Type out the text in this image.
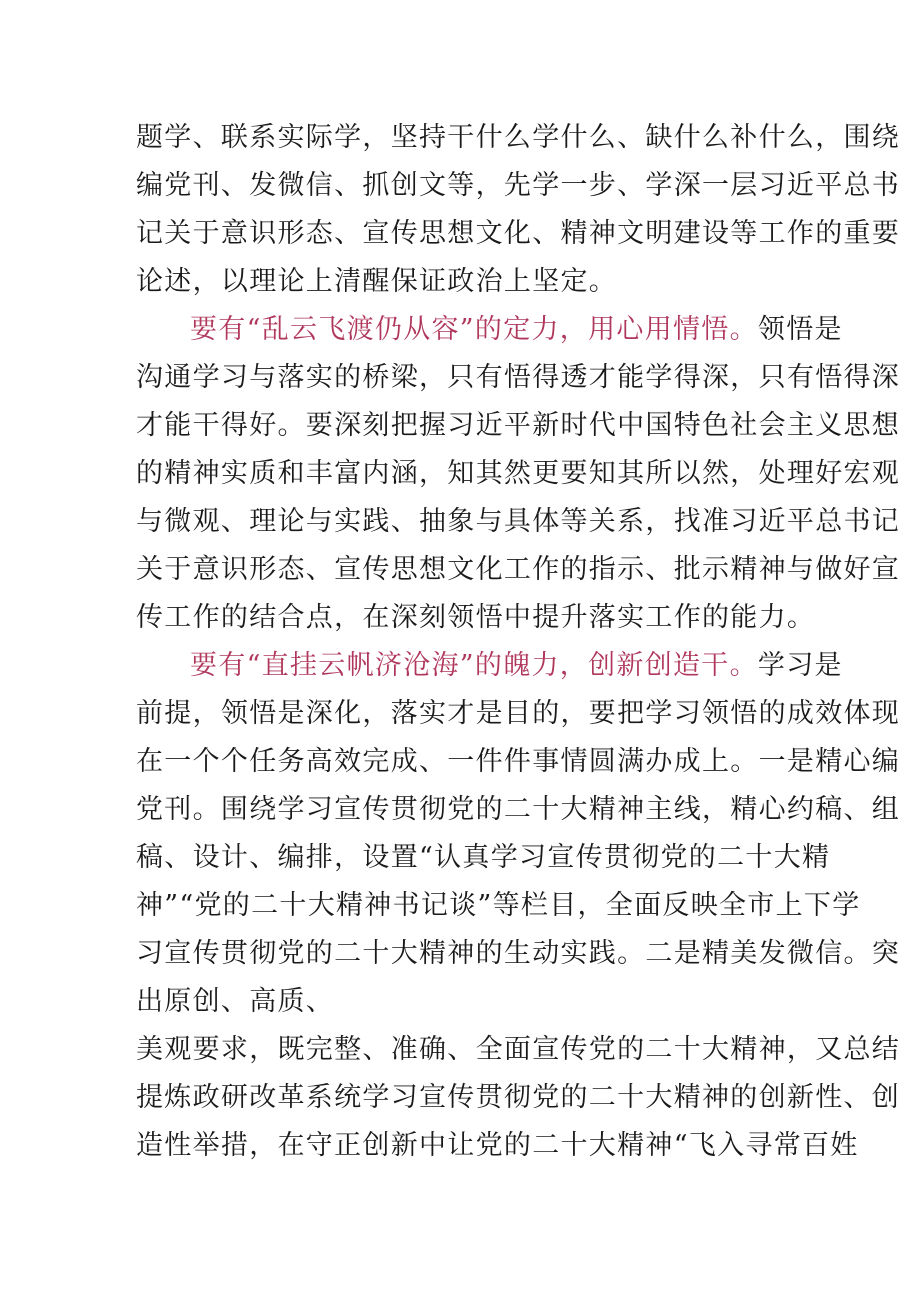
题学、联系实际学，坚持干什么学什么、缺什么补什么，围绕
编党刊、发微信、抓创文等，先学一步、学深一层习近平总书
记关于意识形态、宣传思想文化、精神文明建设等工作的重要
论述，以理论上清醒保证政治上坚定。
要有“乱云飞渡仍从容”的定力，用心用情悟。领悟是
沟通学习与落实的桥梁，只有悟得透才能学得深，只有悟得深
才能干得好。要深刻把握习近平新时代中国特色社会主义思想
的精神实质和丰富内涵，知其然更要知其所以然，处理好宏观
与微观、理论与实践、抽象与具体等关系，找准习近平总书记
关于意识形态、宣传思想文化工作的指示、批示精神与做好宣
传工作的结合点，在深刻领悟中提升落实工作的能力。
要有“直挂云帆济沧海”的魄力，创新创造干。学习是
前提，领悟是深化，落实才是目的，要把学习领悟的成效体现
在一个个任务高效完成、一件件事情圆满办成上。一是精心编
党刊。围绕学习宣传贯彻党的二十大精神主线，精心约稿、组
稿、设计、编排，设置“认真学习宣传贯彻党的二十大精
神”“党的二十大精神书记谈”等栏目，全面反映全市上下学
习宣传贯彻党的二十大精神的生动实践。二是精美发微信。突
出原创、高质、
美观要求，既完整、准确、全面宣传党的二十大精神，又总结
提炼政研改革系统学习宣传贯彻党的二十大精神的创新性、创
造性举措，在守正创新中让党的二十大精神“飞入寻常百姓
